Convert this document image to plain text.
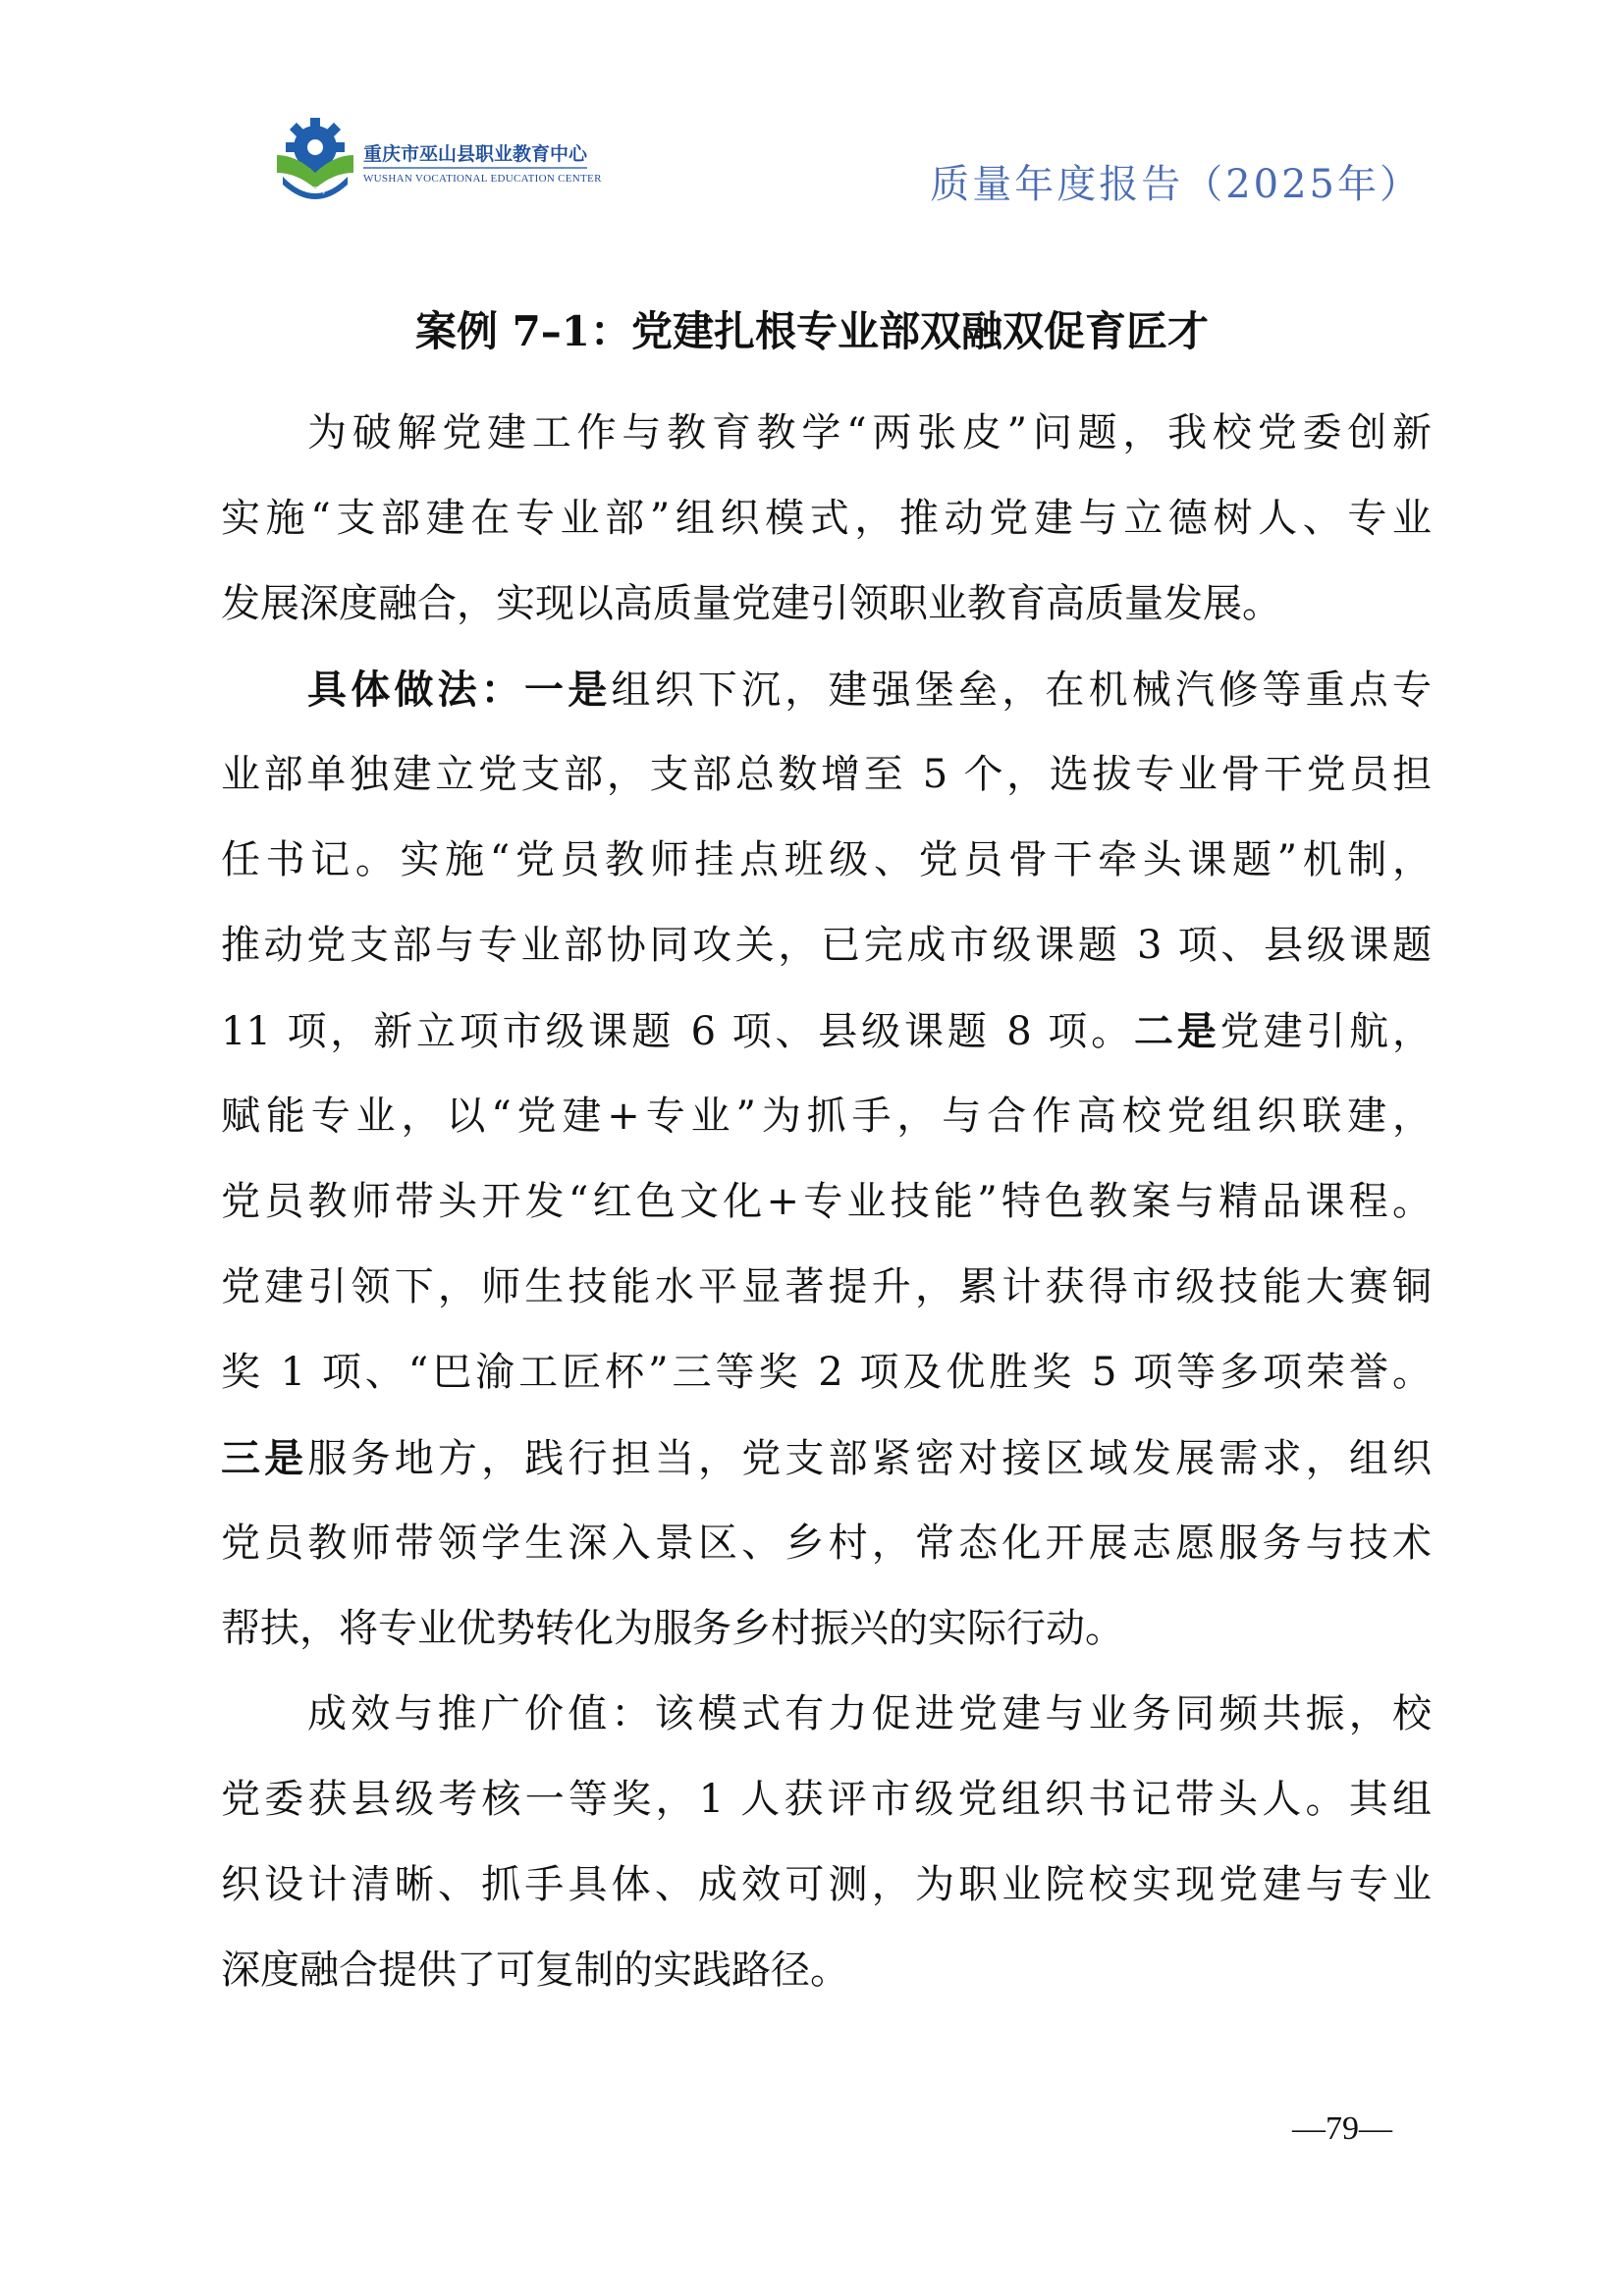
WSZJ
重庆市巫山县职业教育中心
WUSHAN VOCATIONAL EDUCATION CENTER	质量年度报告（2025年）
案例 7–1：党建扎根专业部双融双促育匠才
为破解党建工作与教育教学“两张皮”问题，我校党委创新
实施“支部建在专业部”组织模式，推动党建与立德树人、专业
发展深度融合，实现以高质量党建引领职业教育高质量发展。
具体做法：一是组织下沉，建强堡垒，在机械汽修等重点专
业部单独建立党支部，支部总数增至 5 个，选拔专业骨干党员担
任书记。实施“党员教师挂点班级、党员骨干牵头课题”机制，
推动党支部与专业部协同攻关，已完成市级课题 3 项、县级课题
11 项，新立项市级课题 6 项、县级课题 8 项。二是党建引航，
赋能专业，以“党建+专业”为抓手，与合作高校党组织联建，
党员教师带头开发“红色文化+专业技能”特色教案与精品课程。
党建引领下，师生技能水平显著提升，累计获得市级技能大赛铜
奖 1 项、“巴渝工匠杯”三等奖 2 项及优胜奖 5 项等多项荣誉。
三是服务地方，践行担当，党支部紧密对接区域发展需求，组织
党员教师带领学生深入景区、乡村，常态化开展志愿服务与技术
帮扶，将专业优势转化为服务乡村振兴的实际行动。
成效与推广价值：该模式有力促进党建与业务同频共振，校
党委获县级考核一等奖，1 人获评市级党组织书记带头人。其组
织设计清晰、抓手具体、成效可测，为职业院校实现党建与专业
深度融合提供了可复制的实践路径。
—79—
